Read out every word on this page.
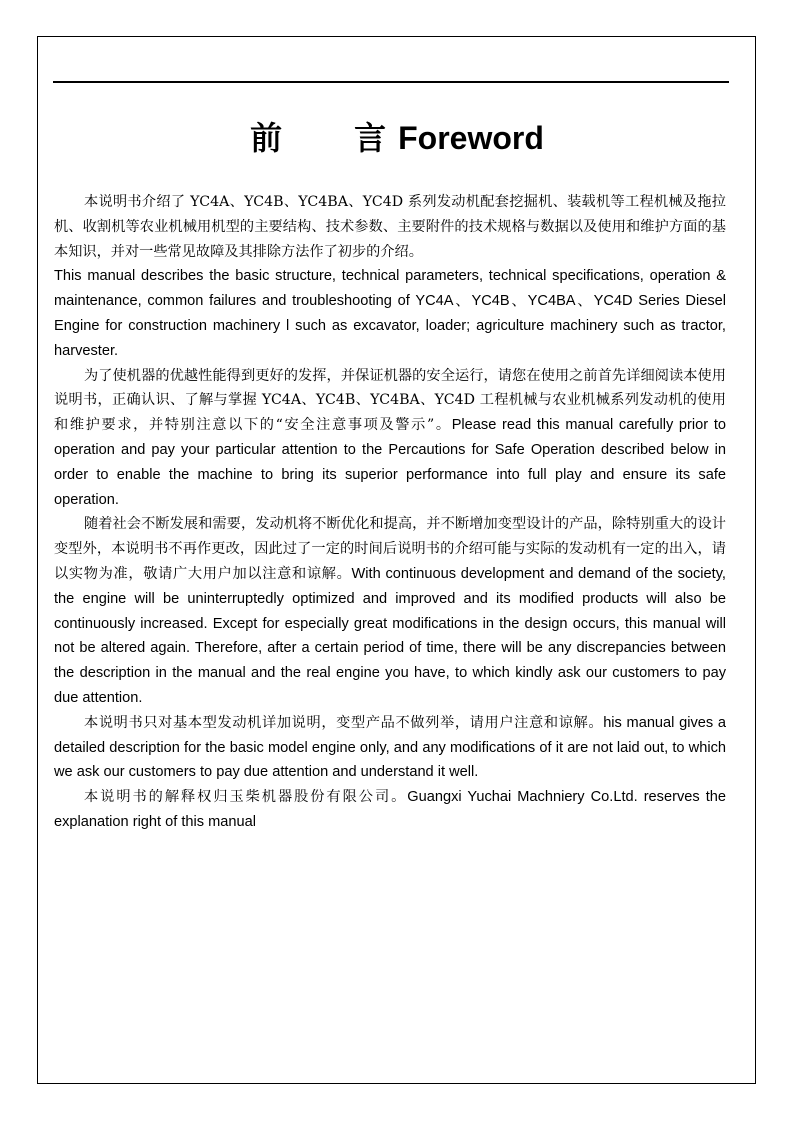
前 言 Foreword

本说明书介绍了 YC4A、YC4B、YC4BA、YC4D 系列发动机配套挖掘机、装载机等工程机械及拖拉机、收割机等农业机械用机型的主要结构、技术参数、主要附件的技术规格与数据以及使用和维护方面的基本知识，并对一些常见故障及其排除方法作了初步的介绍。

This manual describes the basic structure, technical parameters, technical specifications, operation & maintenance, common failures and troubleshooting of YC4A、YC4B、YC4BA、YC4D Series Diesel Engine for construction machinery l such as excavator, loader; agriculture machinery such as tractor, harvester.

为了使机器的优越性能得到更好的发挥，并保证机器的安全运行，请您在使用之前首先详细阅读本使用说明书，正确认识、了解与掌握 YC4A、YC4B、YC4BA、YC4D 工程机械与农业机械系列发动机的使用和维护要求，并特别注意以下的“安全注意事项及警示”。Please read this manual carefully prior to operation and pay your particular attention to the Percautions for Safe Operation described below in order to enable the machine to bring its superior performance into full play and ensure its safe operation.

随着社会不断发展和需要，发动机将不断优化和提高，并不断增加变型设计的产品，除特别重大的设计变型外，本说明书不再作更改，因此过了一定的时间后说明书的介绍可能与实际的发动机有一定的出入，请以实物为准，敬请广大用户加以注意和谅解。With continuous development and demand of the society, the engine will be uninterruptedly optimized and improved and its modified products will also be continuously increased. Except for especially great modifications in the design occurs, this manual will not be altered again. Therefore, after a certain period of time, there will be any discrepancies between the description in the manual and the real engine you have, to which kindly ask our customers to pay due attention.

本说明书只对基本型发动机详加说明，变型产品不做列举，请用户注意和谅解。his manual gives a detailed description for the basic model engine only, and any modifications of it are not laid out, to which we ask our customers to pay due attention and understand it well.

本说明书的解释权归玉柴机器股份有限公司。Guangxi Yuchai Machniery Co.Ltd. reserves the explanation right of this manual
